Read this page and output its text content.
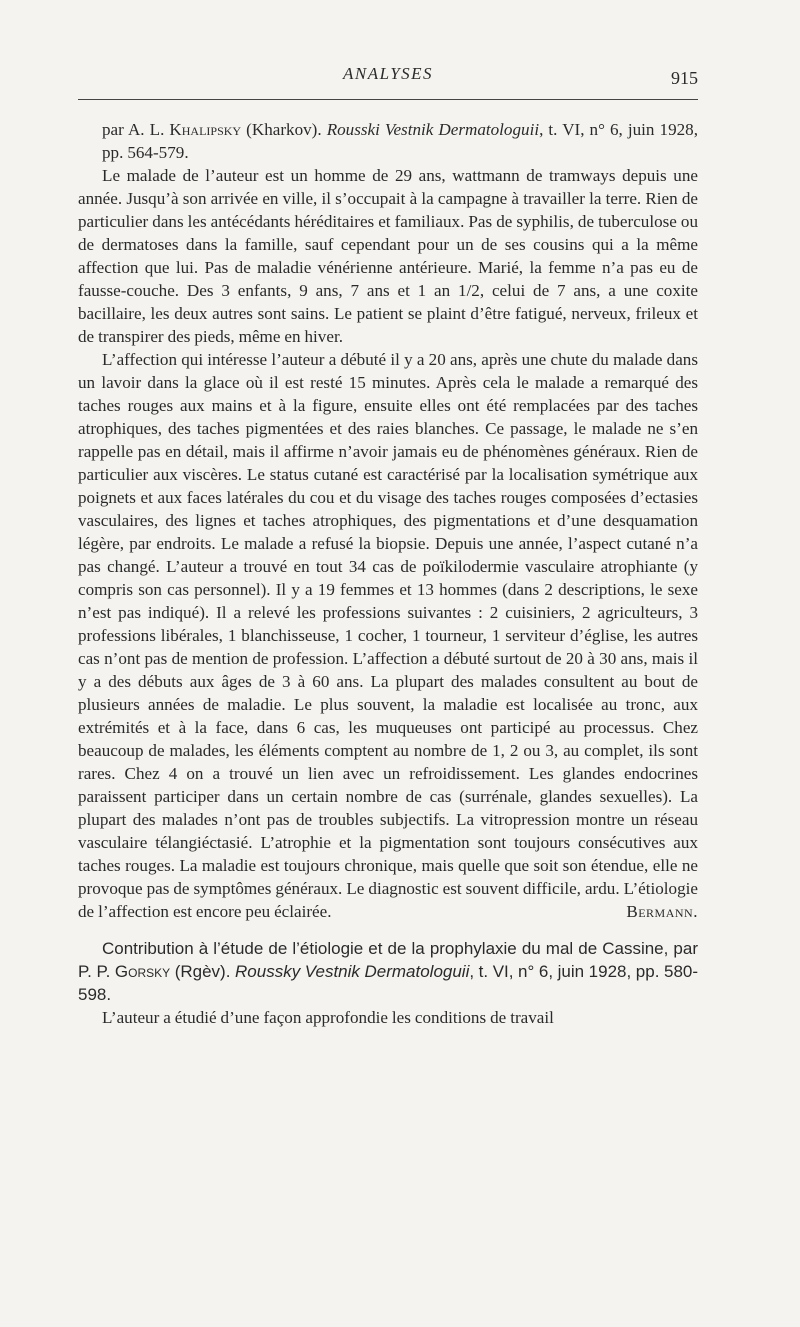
ANALYSES	915

par A. L. Khalipsky (Kharkov). Rousski Vestnik Dermatologuii, t. VI, n° 6, juin 1928, pp. 564-579.

Le malade de l’auteur est un homme de 29 ans, wattmann de tramways depuis une année. Jusqu’à son arrivée en ville, il s’occupait à la campagne à travailler la terre. Rien de particulier dans les antécédants héréditaires et familiaux. Pas de syphilis, de tuberculose ou de dermatoses dans la famille, sauf cependant pour un de ses cousins qui a la même affection que lui. Pas de maladie vénérienne antérieure. Marié, la femme n’a pas eu de fausse-couche. Des 3 enfants, 9 ans, 7 ans et 1 an 1/2, celui de 7 ans, a une coxite bacillaire, les deux autres sont sains. Le patient se plaint d’être fatigué, nerveux, frileux et de transpirer des pieds, même en hiver.

L’affection qui intéresse l’auteur a débuté il y a 20 ans, après une chute du malade dans un lavoir dans la glace où il est resté 15 minutes. Après cela le malade a remarqué des taches rouges aux mains et à la figure, ensuite elles ont été remplacées par des taches atrophiques, des taches pigmentées et des raies blanches. Ce passage, le malade ne s’en rappelle pas en détail, mais il affirme n’avoir jamais eu de phénomènes généraux. Rien de particulier aux viscères. Le status cutané est caractérisé par la localisation symétrique aux poignets et aux faces latérales du cou et du visage des taches rouges composées d’ectasies vasculaires, des lignes et taches atrophiques, des pigmentations et d’une desquamation légère, par endroits. Le malade a refusé la biopsie. Depuis une année, l’aspect cutané n’a pas changé. L’auteur a trouvé en tout 34 cas de poïkilodermie vasculaire atrophiante (y compris son cas personnel). Il y a 19 femmes et 13 hommes (dans 2 descriptions, le sexe n’est pas indiqué). Il a relevé les professions suivantes : 2 cuisiniers, 2 agriculteurs, 3 professions libérales, 1 blanchisseuse, 1 cocher, 1 tourneur, 1 serviteur d’église, les autres cas n’ont pas de mention de profession. L’affection a débuté surtout de 20 à 30 ans, mais il y a des débuts aux âges de 3 à 60 ans. La plupart des malades consultent au bout de plusieurs années de maladie. Le plus souvent, la maladie est localisée au tronc, aux extrémités et à la face, dans 6 cas, les muqueuses ont participé au processus. Chez beaucoup de malades, les éléments comptent au nombre de 1, 2 ou 3, au complet, ils sont rares. Chez 4 on a trouvé un lien avec un refroidissement. Les glandes endocrines paraissent participer dans un certain nombre de cas (surrénale, glandes sexuelles). La plupart des malades n’ont pas de troubles subjectifs. La vitropression montre un réseau vasculaire télangiéctasié. L’atrophie et la pigmentation sont toujours consécutives aux taches rouges. La maladie est toujours chronique, mais quelle que soit son étendue, elle ne provoque pas de symptômes généraux. Le diagnostic est souvent difficile, ardu. L’étiologie de l’affection est encore peu éclairée.	Bermann.

Contribution à l’étude de l’étiologie et de la prophylaxie du mal de Cassine, par P. P. Gorsky (Rgèv). Roussky Vestnik Dermatologuii, t. VI, n° 6, juin 1928, pp. 580-598.

L’auteur a étudié d’une façon approfondie les conditions de travail
